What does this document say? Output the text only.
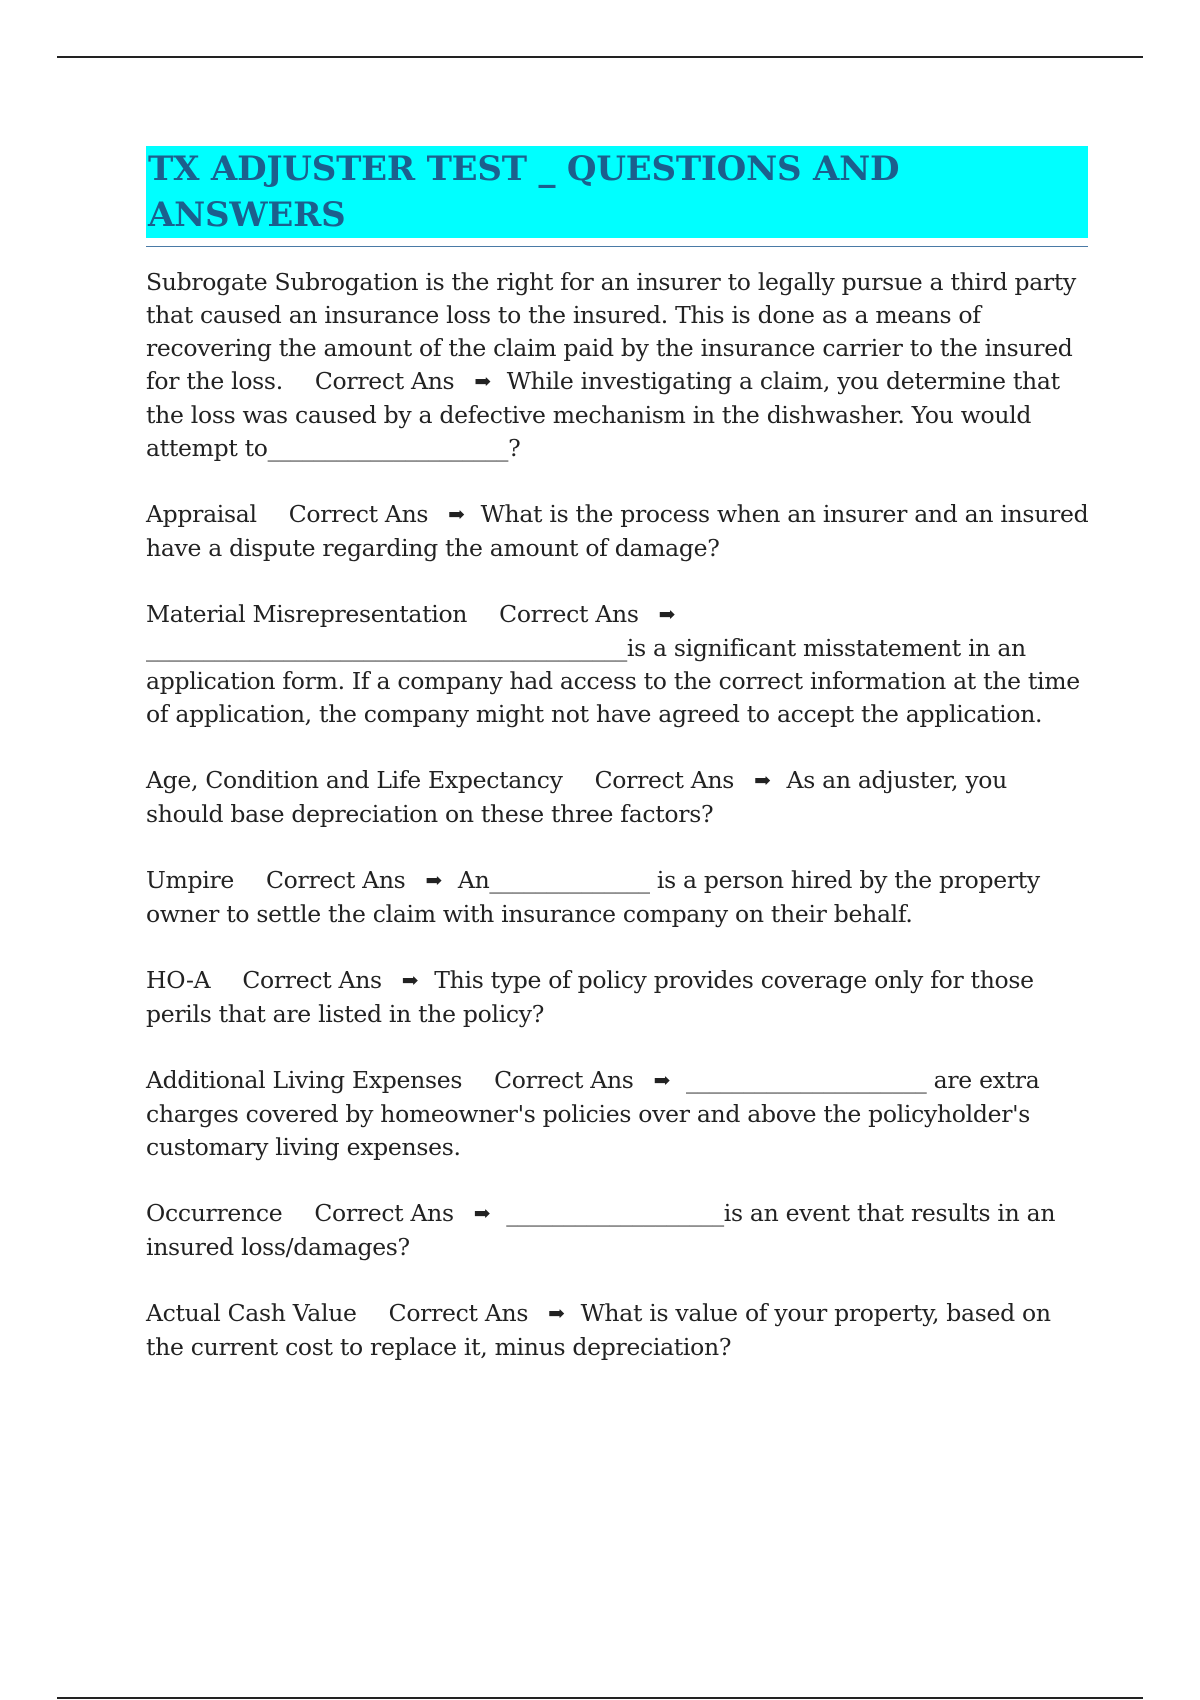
TX ADJUSTER TEST _ QUESTIONS AND ANSWERS

Subrogate Subrogation is the right for an insurer to legally pursue a third party that caused an insurance loss to the insured. This is done as a means of recovering the amount of the claim paid by the insurance carrier to the insured for the loss. Correct Ans ➡ While investigating a claim, you determine that the loss was caused by a defective mechanism in the dishwasher. You would attempt to_____________________?

Appraisal Correct Ans ➡ What is the process when an insurer and an insured have a dispute regarding the amount of damage?

Material Misrepresentation Correct Ans ➡__________________________________________is a significant misstatement in an application form. If a company had access to the correct information at the time of application, the company might not have agreed to accept the application.

Age, Condition and Life Expectancy Correct Ans ➡ As an adjuster, you should base depreciation on these three factors?

Umpire Correct Ans ➡ An______________ is a person hired by the property owner to settle the claim with insurance company on their behalf.

HO-A Correct Ans ➡ This type of policy provides coverage only for those perils that are listed in the policy?

Additional Living Expenses Correct Ans ➡ _____________________ are extra charges covered by homeowner's policies over and above the policyholder's customary living expenses.

Occurrence Correct Ans ➡ ___________________is an event that results in an insured loss/damages?

Actual Cash Value Correct Ans ➡ What is value of your property, based on the current cost to replace it, minus depreciation?
